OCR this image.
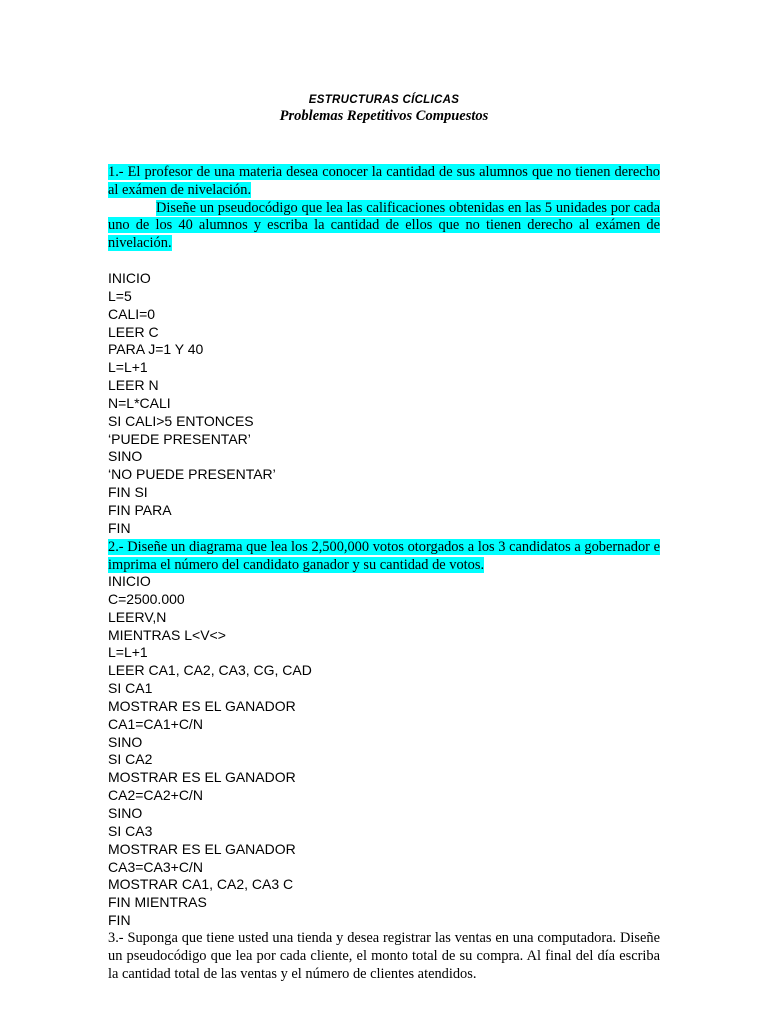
ESTRUCTURAS CÍCLICAS
Problemas Repetitivos Compuestos

1.- El profesor de una materia desea conocer la cantidad de sus alumnos que no tienen derecho al exámen de nivelación.
Diseñe un pseudocódigo que lea las calificaciones obtenidas en las 5 unidades por cada uno de los 40 alumnos y escriba la cantidad de ellos que no tienen derecho al exámen de nivelación.

INICIO
L=5
CALI=0
LEER C
PARA J=1 Y 40
L=L+1
LEER N
N=L*CALI
SI CALI>5 ENTONCES
‘PUEDE PRESENTAR’
SINO
‘NO PUEDE PRESENTAR’
FIN SI
FIN PARA
FIN

2.- Diseñe un diagrama que lea los 2,500,000 votos otorgados a los 3 candidatos a gobernador e imprima el número del candidato ganador y su cantidad de votos.

INICIO
C=2500.000
LEERV,N
MIENTRAS L<V<>
L=L+1
LEER CA1, CA2, CA3, CG, CAD
SI CA1
MOSTRAR ES EL GANADOR
CA1=CA1+C/N
SINO
SI CA2
MOSTRAR ES EL GANADOR
CA2=CA2+C/N
SINO
SI CA3
MOSTRAR ES EL GANADOR
CA3=CA3+C/N
MOSTRAR CA1, CA2, CA3 C
FIN MIENTRAS
FIN

3.- Suponga que tiene usted una tienda y desea registrar las ventas en una computadora. Diseñe un pseudocódigo que lea por cada cliente, el monto total de su compra. Al final del día escriba la cantidad total de las ventas y el número de clientes atendidos.
